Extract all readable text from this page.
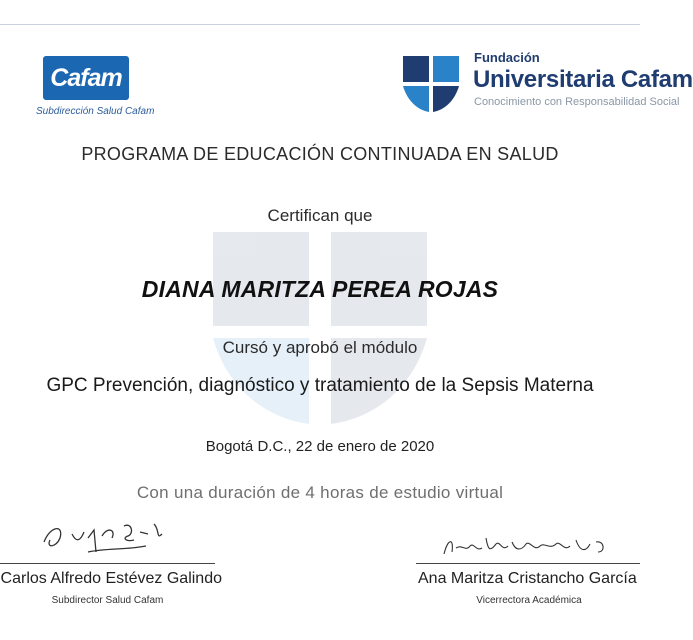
Cafam
Subdirección Salud Cafam
Fundación
Universitaria Cafam
Conocimiento con Responsabilidad Social
PROGRAMA DE EDUCACIÓN CONTINUADA EN SALUD
Certifican que
DIANA MARITZA PEREA ROJAS
Cursó y aprobó el módulo
GPC Prevención, diagnóstico y tratamiento de la Sepsis Materna
Bogotá D.C., 22 de enero de 2020
Con una duración de 4 horas de estudio virtual
Carlos Alfredo Estévez Galindo
Subdirector Salud Cafam
Ana Maritza Cristancho García
Vicerrectora Académica
